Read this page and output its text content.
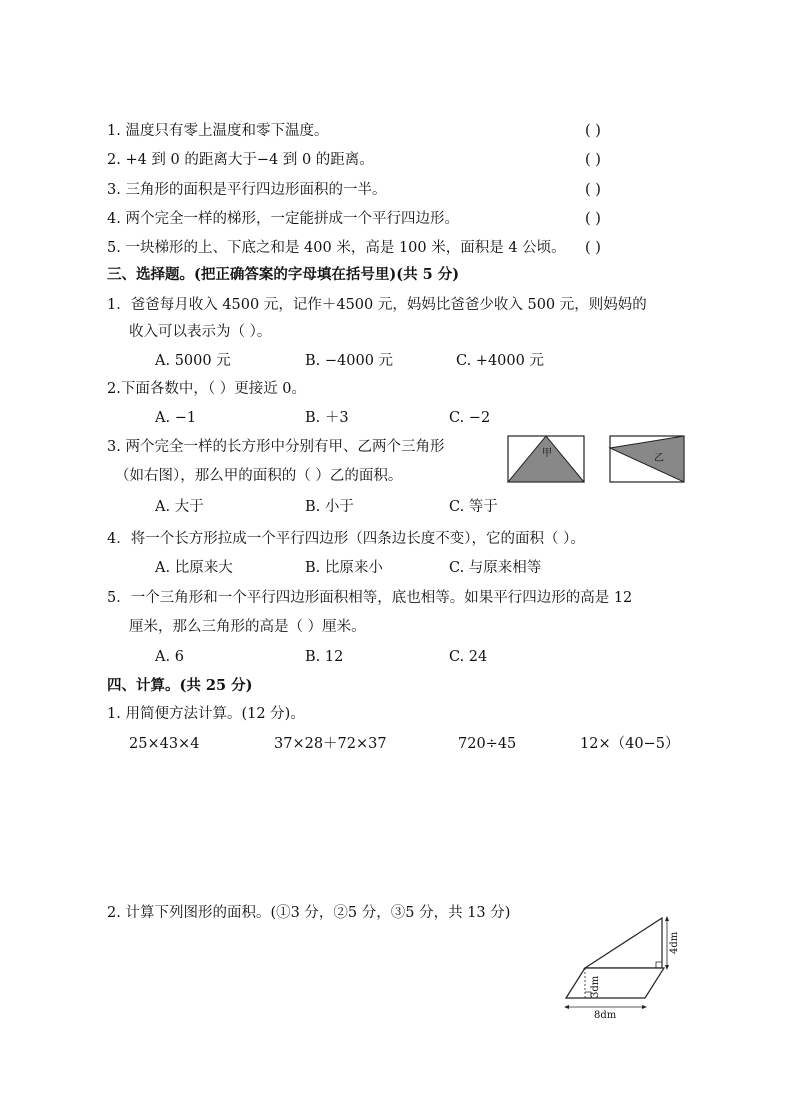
1. 温度只有零上温度和零下温度。	( )
2. +4 到 0 的距离大于−4 到 0 的距离。	( )
3. 三角形的面积是平行四边形面积的一半。	( )
4. 两个完全一样的梯形，一定能拼成一个平行四边形。	( )
5. 一块梯形的上、下底之和是 400 米，高是 100 米，面积是 4 公顷。 ( )
三、选择题。(把正确答案的字母填在括号里)(共 5 分)
1．爸爸每月收入 4500 元，记作＋4500 元，妈妈比爸爸少收入 500 元，则妈妈的
收入可以表示为（ ）。
A. 5000 元	B. −4000 元	C. +4000 元
2.下面各数中，（ ）更接近 0。
A. −1	B. ＋3	C. −2
3. 两个完全一样的长方形中分别有甲、乙两个三角形
（如右图），那么甲的面积的（ ）乙的面积。
甲	乙
A. 大于	B. 小于	C. 等于
4．将一个长方形拉成一个平行四边形（四条边长度不变），它的面积（ ）。
A. 比原来大	B. 比原来小	C. 与原来相等
5．一个三角形和一个平行四边形面积相等，底也相等。如果平行四边形的高是 12
厘米，那么三角形的高是（ ）厘米。
A. 6	B. 12	C. 24
四、计算。(共 25 分)
1. 用简便方法计算。(12 分)。
25×43×4	37×28＋72×37	720÷45	12×（40−5）
2. 计算下列图形的面积。(①3 分，②5 分，③5 分，共 13 分)
4dm
3dm
8dm
